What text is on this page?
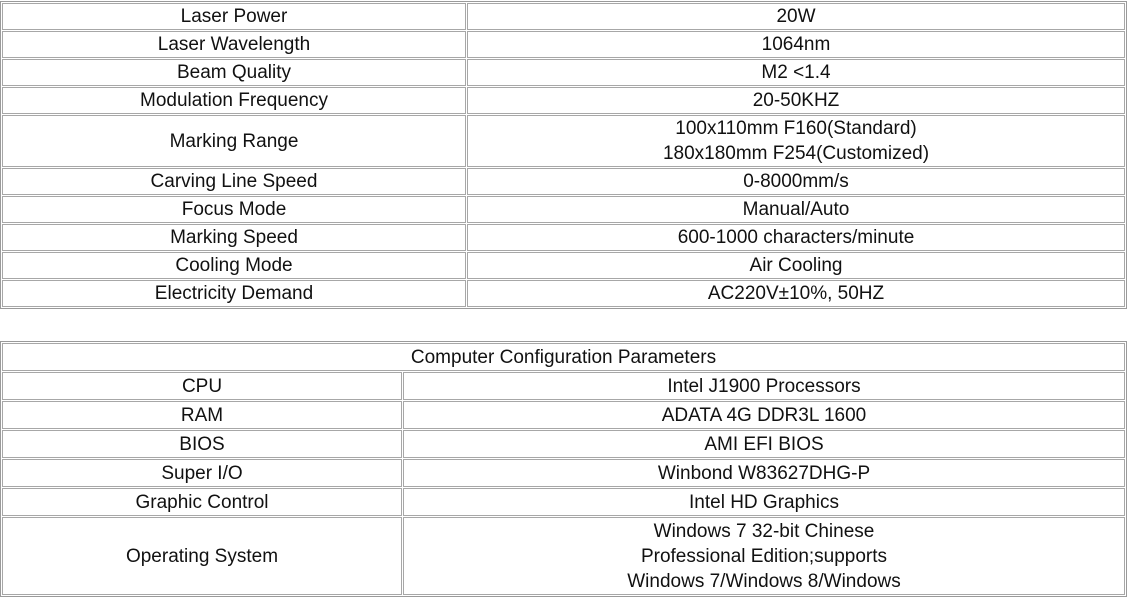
Laser Power	20W

Laser Wavelength	1064nm

Beam Quality	M2 <1.4

Modulation Frequency	20-50KHZ

Marking Range	100x110mm F160(Standard)
180x180mm F254(Customized)

Carving Line Speed	0-8000mm/s

Focus Mode	Manual/Auto

Marking Speed	600-1000 characters/minute

Cooling Mode	Air Cooling

Electricity Demand	AC220V±10%, 50HZ
Computer Configuration Parameters	
CPU	Intel J1900 Processors

RAM	ADATA 4G DDR3L 1600

BIOS	AMI EFI BIOS

Super I/O	Winbond W83627DHG-P

Graphic Control	Intel HD Graphics

Operating System	Windows 7 32-bit Chinese
Professional Edition;supports
Windows 7/Windows 8/Windows
